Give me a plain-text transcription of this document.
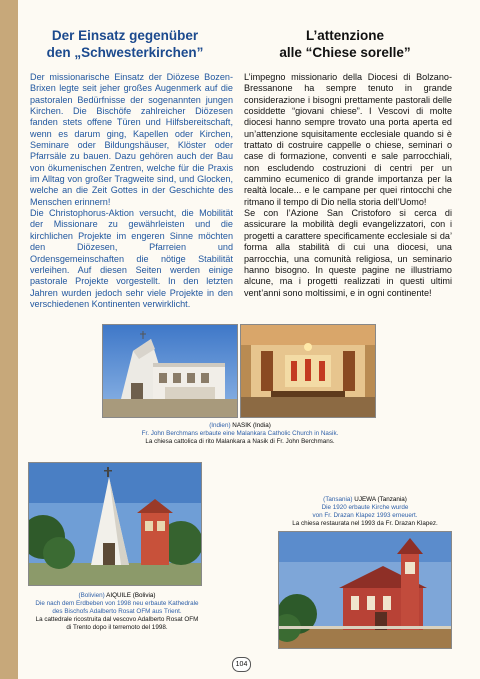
Der Einsatz gegenüber
den „Schwesterkirchen”
L’attenzione
alle “Chiese sorelle”

Der missionarische Einsatz der Diözese Bozen-Brixen legte seit jeher großes Augenmerk auf die pastoralen Bedürfnisse der sogenannten jungen Kirchen. Die Bischöfe zahlreicher Diözesen fanden stets offene Türen und Hilfsbereitschaft, wenn es darum ging, Kapellen oder Kirchen, Seminare oder Bildungshäuser, Klöster oder Pfarrsäle zu bauen. Dazu gehören auch der Bau von ökumenischen Zentren, welche für die Praxis im Alltag von großer Tragweite sind, und Glocken, welche an die Zeit Gottes in der Geschichte des Menschen erinnern!

Die Christophorus-Aktion versucht, die Mobilität der Missionare zu gewährleisten und die kirchlichen Projekte im engeren Sinne möchten den Diözesen, Pfarreien und Ordensgemeinschaften die nötige Stabilität verleihen. Auf diesen Seiten werden einige pastorale Projekte vorgestellt. In den letzten Jahren wurden jedoch sehr viele Projekte in den verschiedenen Kontinenten verwirklicht.

L’impegno missionario della Diocesi di Bolzano-Bressanone ha sempre tenuto in grande considerazione i bisogni prettamente pastorali delle cosiddette “giovani chiese”. I Vescovi di molte diocesi hanno sempre trovato una porta aperta ed un’attenzione squisitamente ecclesiale quando si è trattato di costruire cappelle o chiese, seminari o case di formazione, conventi e sale parrocchiali, non escludendo costruzioni di centri per un cammino ecumenico di grande importanza per la realtà locale... e le campane per quei rintocchi che ritmano il tempo di Dio nella storia dell’Uomo!

Se con l’Azione San Cristoforo si cerca di assicurare la mobilità degli evangelizzatori, con i progetti a carattere specificamente ecclesiale si da’ forma alla stabilità di cui una diocesi, una parrocchia, una comunità religiosa, un seminario hanno bisogno. In queste pagine ne illustriamo alcune, ma i progetti realizzati in questi ultimi vent’anni sono moltissimi, e in ogni continente!

(Indien) NASIK (India)
Fr. John Berchmans erbaute eine Malankara Catholic Church in Nasik.
La chiesa cattolica di rito Malankara a Nasik di Fr. John Berchmans.
(Bolivien) AIQUILE (Bolivia)
Die nach dem Erdbeben von 1998 neu erbaute Kathedrale
des Bischofs Adalberto Rosat OFM aus Trient.
La cattedrale ricostruita dal vescovo Adalberto Rosat OFM
di Trento dopo il terremoto del 1998.
(Tansania) UJEWA (Tanzania)
Die 1920 erbaute Kirche wurde
von Fr. Drazan Klapez 1993 erneuert.
La chiesa restaurata nel 1993 da Fr. Drazan Klapez.
104
